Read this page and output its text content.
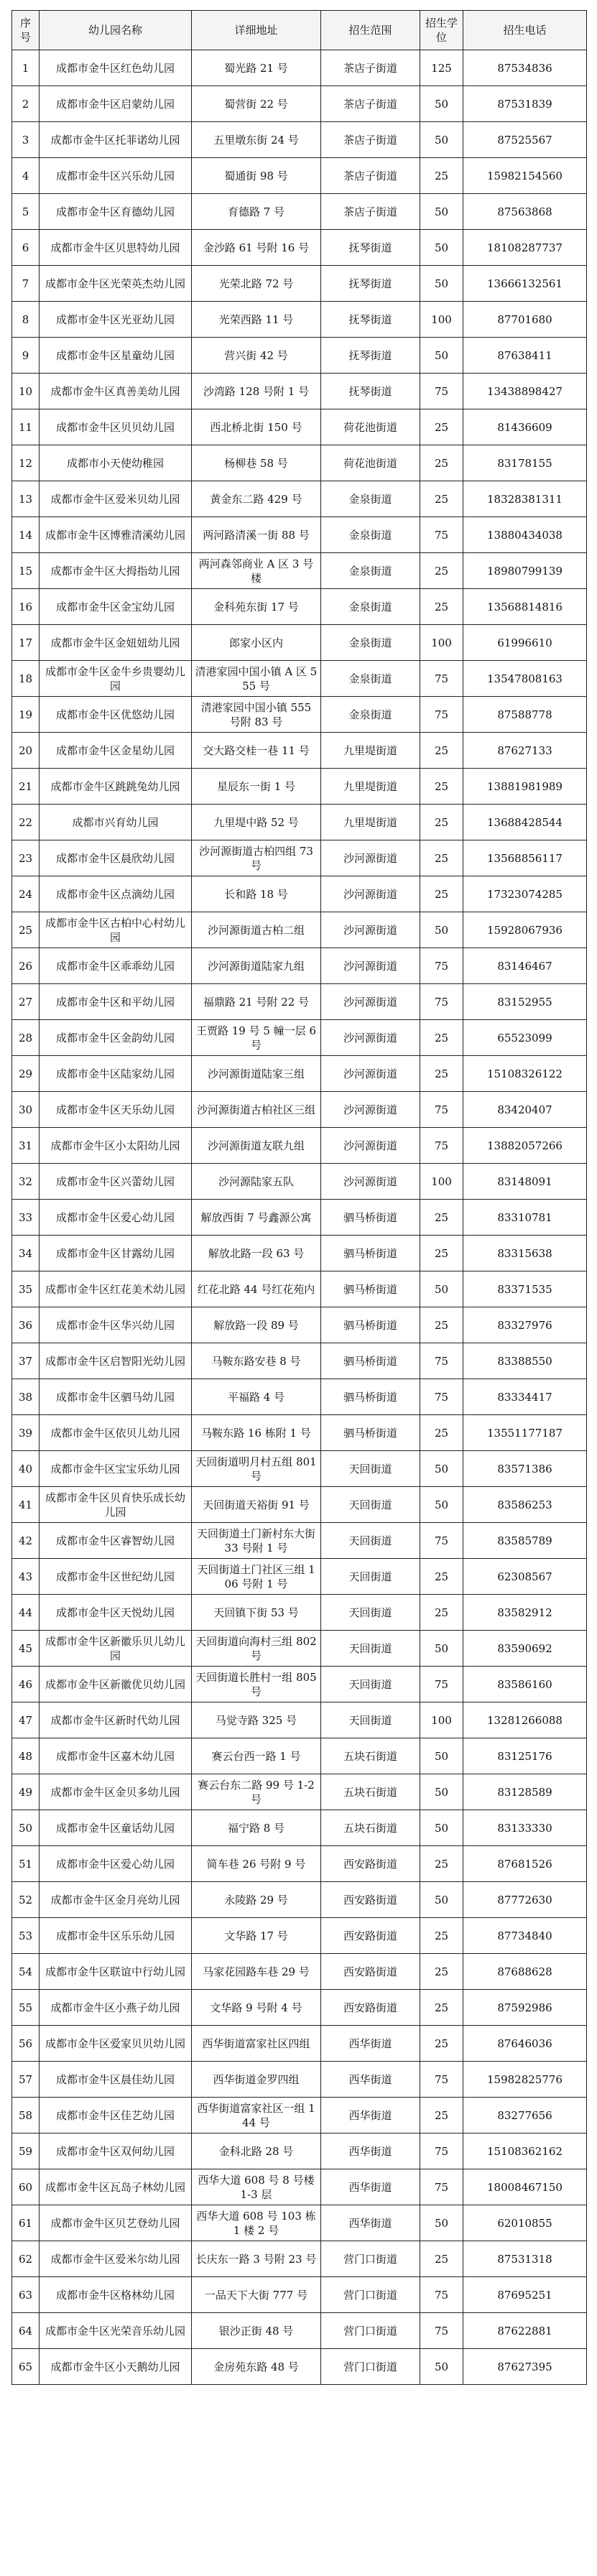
序号	幼儿园名称	详细地址	招生范围	招生学位	招生电话
1	成都市金牛区红色幼儿园	蜀光路 21 号	茶店子街道	125	87534836
2	成都市金牛区启蒙幼儿园	蜀营街 22 号	茶店子街道	50	87531839
3	成都市金牛区托菲诺幼儿园	五里墩东街 24 号	茶店子街道	50	87525567
4	成都市金牛区兴乐幼儿园	蜀通街 98 号	茶店子街道	25	15982154560
5	成都市金牛区育德幼儿园	育德路 7 号	茶店子街道	50	87563868
6	成都市金牛区贝思特幼儿园	金沙路 61 号附 16 号	抚琴街道	50	18108287737
7	成都市金牛区光荣英杰幼儿园	光荣北路 72 号	抚琴街道	50	13666132561
8	成都市金牛区光亚幼儿园	光荣西路 11 号	抚琴街道	100	87701680
9	成都市金牛区星童幼儿园	营兴街 42 号	抚琴街道	50	87638411
10	成都市金牛区真善美幼儿园	沙湾路 128 号附 1 号	抚琴街道	75	13438898427
11	成都市金牛区贝贝幼儿园	西北桥北街 150 号	荷花池街道	25	81436609
12	成都市小天使幼稚园	杨柳巷 58 号	荷花池街道	25	83178155
13	成都市金牛区爱米贝幼儿园	黄金东二路 429 号	金泉街道	25	18328381311
14	成都市金牛区博雅清溪幼儿园	两河路清溪一街 88 号	金泉街道	75	13880434038
15	成都市金牛区大拇指幼儿园	两河森邻商业 A 区 3 号楼	金泉街道	25	18980799139
16	成都市金牛区金宝幼儿园	金科苑东街 17 号	金泉街道	25	13568814816
17	成都市金牛区金妞妞幼儿园	郎家小区内	金泉街道	100	61996610
18	成都市金牛区金牛乡贵婴幼儿园	清港家园中国小镇 A 区 555 号	金泉街道	75	13547808163
19	成都市金牛区优悠幼儿园	清港家园中国小镇 555 号附 83 号	金泉街道	75	87588778
20	成都市金牛区金星幼儿园	交大路交桂一巷 11 号	九里堤街道	25	87627133
21	成都市金牛区跳跳兔幼儿园	星辰东一街 1 号	九里堤街道	25	13881981989
22	成都市兴育幼儿园	九里堤中路 52 号	九里堤街道	25	13688428544
23	成都市金牛区晨欣幼儿园	沙河源街道古柏四组 73 号	沙河源街道	25	13568856117
24	成都市金牛区点滴幼儿园	长和路 18 号	沙河源街道	25	17323074285
25	成都市金牛区古柏中心村幼儿园	沙河源街道古柏二组	沙河源街道	50	15928067936
26	成都市金牛区乖乖幼儿园	沙河源街道陆家九组	沙河源街道	75	83146467
27	成都市金牛区和平幼儿园	福鼎路 21 号附 22 号	沙河源街道	75	83152955
28	成都市金牛区金韵幼儿园	王贾路 19 号 5 幢一层 6 号	沙河源街道	25	65523099
29	成都市金牛区陆家幼儿园	沙河源街道陆家三组	沙河源街道	25	15108326122
30	成都市金牛区天乐幼儿园	沙河源街道古柏社区三组	沙河源街道	75	83420407
31	成都市金牛区小太阳幼儿园	沙河源街道友联九组	沙河源街道	75	13882057266
32	成都市金牛区兴蕾幼儿园	沙河源陆家五队	沙河源街道	100	83148091
33	成都市金牛区爱心幼儿园	解放西街 7 号鑫源公寓	驷马桥街道	25	83310781
34	成都市金牛区甘露幼儿园	解放北路一段 63 号	驷马桥街道	25	83315638
35	成都市金牛区红花美术幼儿园	红花北路 44 号红花苑内	驷马桥街道	50	83371535
36	成都市金牛区华兴幼儿园	解放路一段 89 号	驷马桥街道	25	83327976
37	成都市金牛区启智阳光幼儿园	马鞍东路安巷 8 号	驷马桥街道	75	83388550
38	成都市金牛区驷马幼儿园	平福路 4 号	驷马桥街道	75	83334417
39	成都市金牛区依贝儿幼儿园	马鞍东路 16 栋附 1 号	驷马桥街道	25	13551177187
40	成都市金牛区宝宝乐幼儿园	天回街道明月村五组 801 号	天回街道	50	83571386
41	成都市金牛区贝育快乐成长幼儿园	天回街道天裕街 91 号	天回街道	50	83586253
42	成都市金牛区睿智幼儿园	天回街道土门新村东大街 33 号附 1 号	天回街道	75	83585789
43	成都市金牛区世纪幼儿园	天回街道土门社区三组 106 号附 1 号	天回街道	25	62308567
44	成都市金牛区天悦幼儿园	天回镇下街 53 号	天回街道	25	83582912
45	成都市金牛区新徽乐贝儿幼儿园	天回街道向海村三组 802 号	天回街道	50	83590692
46	成都市金牛区新徽优贝幼儿园	天回街道长胜村一组 805 号	天回街道	75	83586160
47	成都市金牛区新时代幼儿园	马觉寺路 325 号	天回街道	100	13281266088
48	成都市金牛区嘉木幼儿园	赛云台西一路 1 号	五块石街道	50	83125176
49	成都市金牛区金贝多幼儿园	赛云台东二路 99 号 1-2 号	五块石街道	50	83128589
50	成都市金牛区童话幼儿园	福宁路 8 号	五块石街道	50	83133330
51	成都市金牛区爱心幼儿园	简车巷 26 号附 9 号	西安路街道	25	87681526
52	成都市金牛区金月亮幼儿园	永陵路 29 号	西安路街道	50	87772630
53	成都市金牛区乐乐幼儿园	文华路 17 号	西安路街道	25	87734840
54	成都市金牛区联谊中行幼儿园	马家花园路车巷 29 号	西安路街道	25	87688628
55	成都市金牛区小燕子幼儿园	文华路 9 号附 4 号	西安路街道	25	87592986
56	成都市金牛区爱家贝贝幼儿园	西华街道富家社区四组	西华街道	25	87646036
57	成都市金牛区晨佳幼儿园	西华街道金罗四组	西华街道	75	15982825776
58	成都市金牛区佳艺幼儿园	西华街道富家社区一组 144 号	西华街道	25	83277656
59	成都市金牛区双何幼儿园	金科北路 28 号	西华街道	75	15108362162
60	成都市金牛区瓦岛子林幼儿园	西华大道 608 号 8 号楼 1-3 层	西华街道	75	18008467150
61	成都市金牛区贝艺登幼儿园	西华大道 608 号 103 栋 1 楼 2 号	西华街道	50	62010855
62	成都市金牛区爱米尔幼儿园	长庆东一路 3 号附 23 号	营门口街道	25	87531318
63	成都市金牛区格林幼儿园	一品天下大街 777 号	营门口街道	75	87695251
64	成都市金牛区光荣音乐幼儿园	银沙正街 48 号	营门口街道	75	87622881
65	成都市金牛区小天鹅幼儿园	金房苑东路 48 号	营门口街道	50	87627395
